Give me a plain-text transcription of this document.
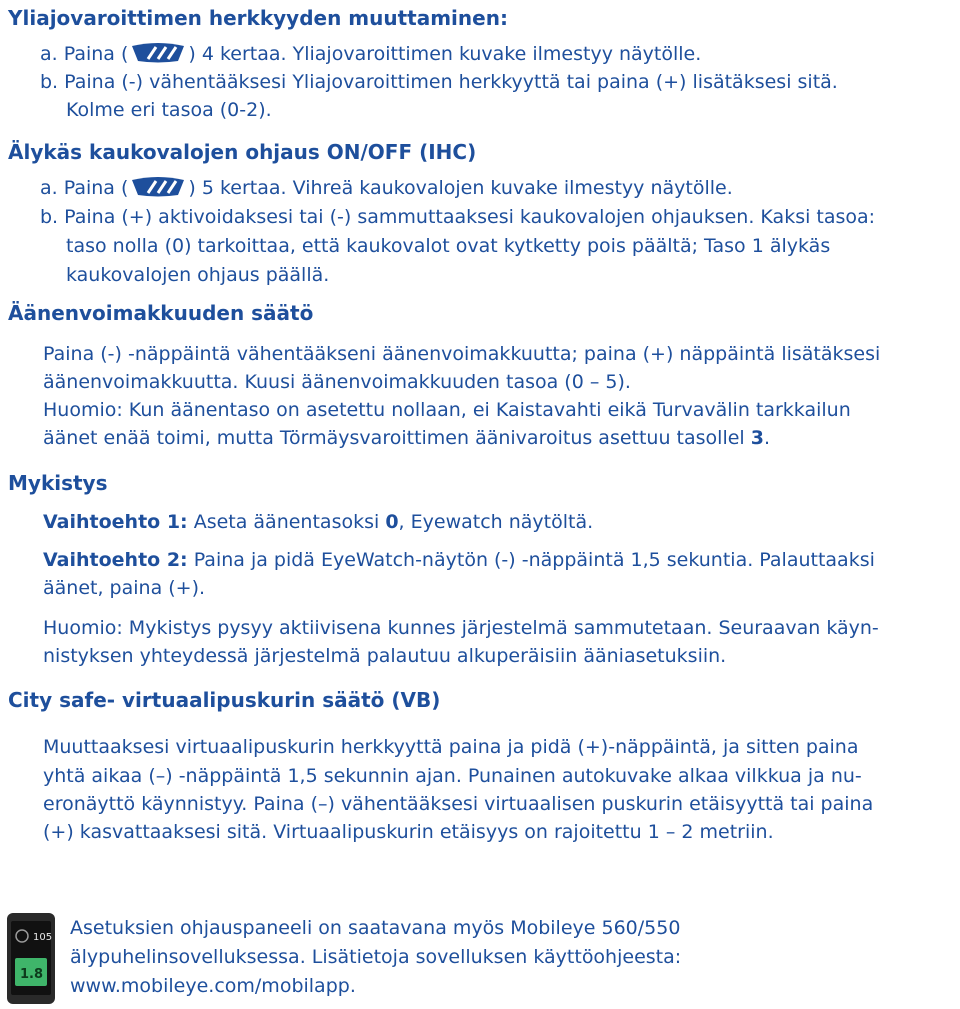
Yliajovaroittimen herkkyyden muuttaminen:
a. Paina (	) 4 kertaa. Yliajovaroittimen kuvake ilmestyy näytölle.
b. Paina (-) vähentääksesi Yliajovaroittimen herkkyyttä tai paina (+) lisätäksesi sitä.
Kolme eri tasoa (0-2).
Älykäs kaukovalojen ohjaus ON/OFF (IHC)
a. Paina (	) 5 kertaa. Vihreä kaukovalojen kuvake ilmestyy näytölle.
b. Paina (+) aktivoidaksesi tai (-) sammuttaaksesi kaukovalojen ohjauksen. Kaksi tasoa:
taso nolla (0) tarkoittaa, että kaukovalot ovat kytketty pois päältä; Taso 1 älykäs
kaukovalojen ohjaus päällä.
Äänenvoimakkuuden säätö
Paina (-) -näppäintä vähentääkseni äänenvoimakkuutta; paina (+) näppäintä lisätäksesi
äänenvoimakkuutta. Kuusi äänenvoimakkuuden tasoa (0 – 5).
Huomio: Kun äänentaso on asetettu nollaan, ei Kaistavahti eikä Turvavälin tarkkailun
äänet enää toimi, mutta Törmäysvaroittimen äänivaroitus asettuu tasollel 3.
Mykistys
Vaihtoehto 1: Aseta äänentasoksi 0, Eyewatch näytöltä.
Vaihtoehto 2: Paina ja pidä EyeWatch-näytön (-) -näppäintä 1,5 sekuntia. Palauttaaksi
äänet, paina (+).
Huomio: Mykistys pysyy aktiivisena kunnes järjestelmä sammutetaan. Seuraavan käyn-
nistyksen yhteydessä järjestelmä palautuu alkuperäisiin ääniasetuksiin.
City safe- virtuaalipuskurin säätö (VB)
Muuttaaksesi virtuaalipuskurin herkkyyttä paina ja pidä (+)-näppäintä, ja sitten paina
yhtä aikaa (–) -näppäintä 1,5 sekunnin ajan. Punainen autokuvake alkaa vilkkua ja nu-
eronäyttö käynnistyy. Paina (–) vähentääksesi virtuaalisen puskurin etäisyyttä tai paina
(+) kasvattaaksesi sitä. Virtuaalipuskurin etäisyys on rajoitettu 1 – 2 metriin.
105
1.8
Asetuksien ohjauspaneeli on saatavana myös Mobileye 560/550
älypuhelinsovelluksessa. Lisätietoja sovelluksen käyttöohjeesta:
www.mobileye.com/mobilapp.
